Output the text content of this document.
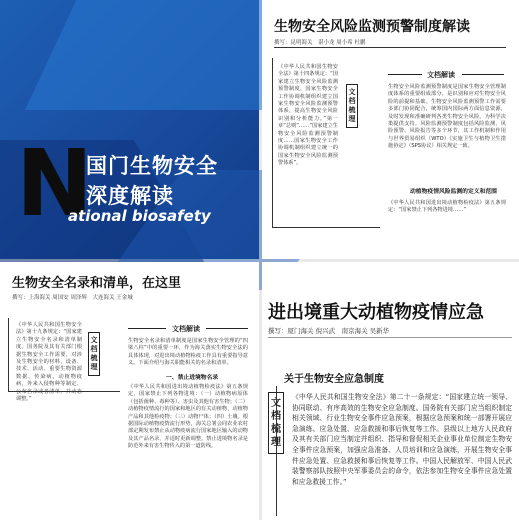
N
国门生物安全
深度解读
ational biosafety
生物安全风险监测预警制度解读
撰写：昆明海关　谌小龙 周小希 杜鹏
《中华人民共和国生物安全法》第十四条规定：“国家建立生物安全风险监测预警制度。国家生物安全工作协调机制组织建立国家生物安全风险监测预警体系，提高生物安全风险识别和分析能力。”第一章“总则”……“国家建立生物安全风险监测预警制度……国家生物安全工作协调机制组织建立统一的国家生物安全风险监测预警体系”。
文档梳理
文档解读
生物安全风险监测预警制度是国家生物安全管理制度体系的重要组成部分，是识别和应对生物安全风险的前提和基础。生物安全风险监测预警工作需要多部门协同配合，统筹国内国际两方面信息资源，及时发现和准确研判各类生物安全风险，为科学决策提供支持。风险监测预警制度包括风险监测、风险预警、风险报告等多个环节，其工作机制和作用与世界贸易组织（WTO）《实施卫生与植物卫生措施协定》（SPS协议）相关规定一致。
动植物疫情风险监测的定义和范围
《中华人民共和国进出境动植物检疫法》第五条规定：“国家禁止下列各物进境……”
生物安全名录和清单，在这里
撰写：上海海关 周国安 周泽辉　大连海关 王金城
《中华人民共和国生物安全法》第十九条规定：“国家建立生物安全名录和清单制度。国务院及其有关部门根据生物安全工作需要，对涉及生物安全的材料、设备、技术、活动、重要生物资源数据、传染病、动植物疫病、外来入侵物种等制定、公布名录或者清单，并动态调整。”
文档梳理
文档解读
生物安全名录和清单制度是国家生物安全管理的“四梁八柱”中的重要一环，作为海关落实生物安全法的具体体现，对进出境动植物检疫工作具有重要指导意义。下面介绍与海关职能相关的名录和清单。
一、禁止进境物名录
《中华人民共和国进出境动植物检疫法》第五条规定，国家禁止下列各物进境：（一）动植物病原体（包括菌种、毒种等）、害虫及其他有害生物；（二）动植物疫情流行的国家和地区的有关动植物、动植物产品和其他检疫物；（三）动物尸体；（四）土壤。根据国际动植物疫情流行形势，海关总署会同农业农村部定期发布禁止从动物疫病流行国家地区输入的动物及其产品名录，并适时更新调整。禁止进境物名录是防范外来有害生物传入的第一道防线。
进出境重大动植物疫情应急
撰写：厦门海关 倪兴武　南京海关 吴新华
关于生物安全应急制度
文档梳理
《中华人民共和国生物安全法》第二十一条规定：“国家建立统一领导、协同联动、有序高效的生物安全应急制度。国务院有关部门应当组织制定相关领域、行业生物安全事件应急预案，根据应急预案和统一部署开展应急演练、应急处置、应急救援和事后恢复等工作。县级以上地方人民政府及其有关部门应当制定并组织、指导和督促相关企业事业单位制定生物安全事件应急预案，加强应急准备、人员培训和应急演练，开展生物安全事件应急处置、应急救援和事后恢复等工作。中国人民解放军、中国人民武装警察部队按照中央军事委员会的命令，依法参加生物安全事件应急处置和应急救援工作。”
